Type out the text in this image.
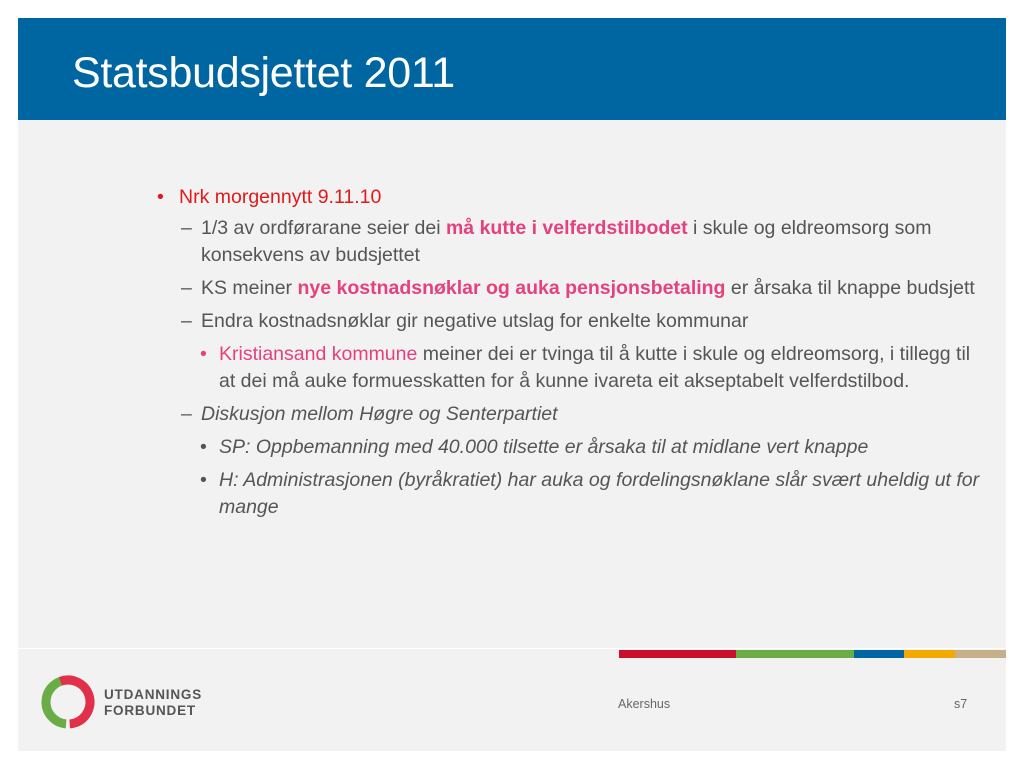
Statsbudsjettet 2011
UTDANNINGS
FORBUNDET	Akershus	s7
• Nrk morgennytt 9.11.10
– 1/3 av ordførarane seier dei må kutte i velferdstilbodet i skule og eldreomsorg som konsekvens av budsjettet
– KS meiner nye kostnadsnøklar og auka pensjonsbetaling er årsaka til knappe budsjett
– Endra kostnadsnøklar gir negative utslag for enkelte kommunar
• Kristiansand kommune meiner dei er tvinga til å kutte i skule og eldreomsorg, i tillegg til at dei må auke formuesskatten for å kunne ivareta eit akseptabelt velferdstilbod.
– Diskusjon mellom Høgre og Senterpartiet
• SP: Oppbemanning med 40.000 tilsette er årsaka til at midlane vert knappe
• H: Administrasjonen (byråkratiet) har auka og fordelingsnøklane slår svært uheldig ut for mange
